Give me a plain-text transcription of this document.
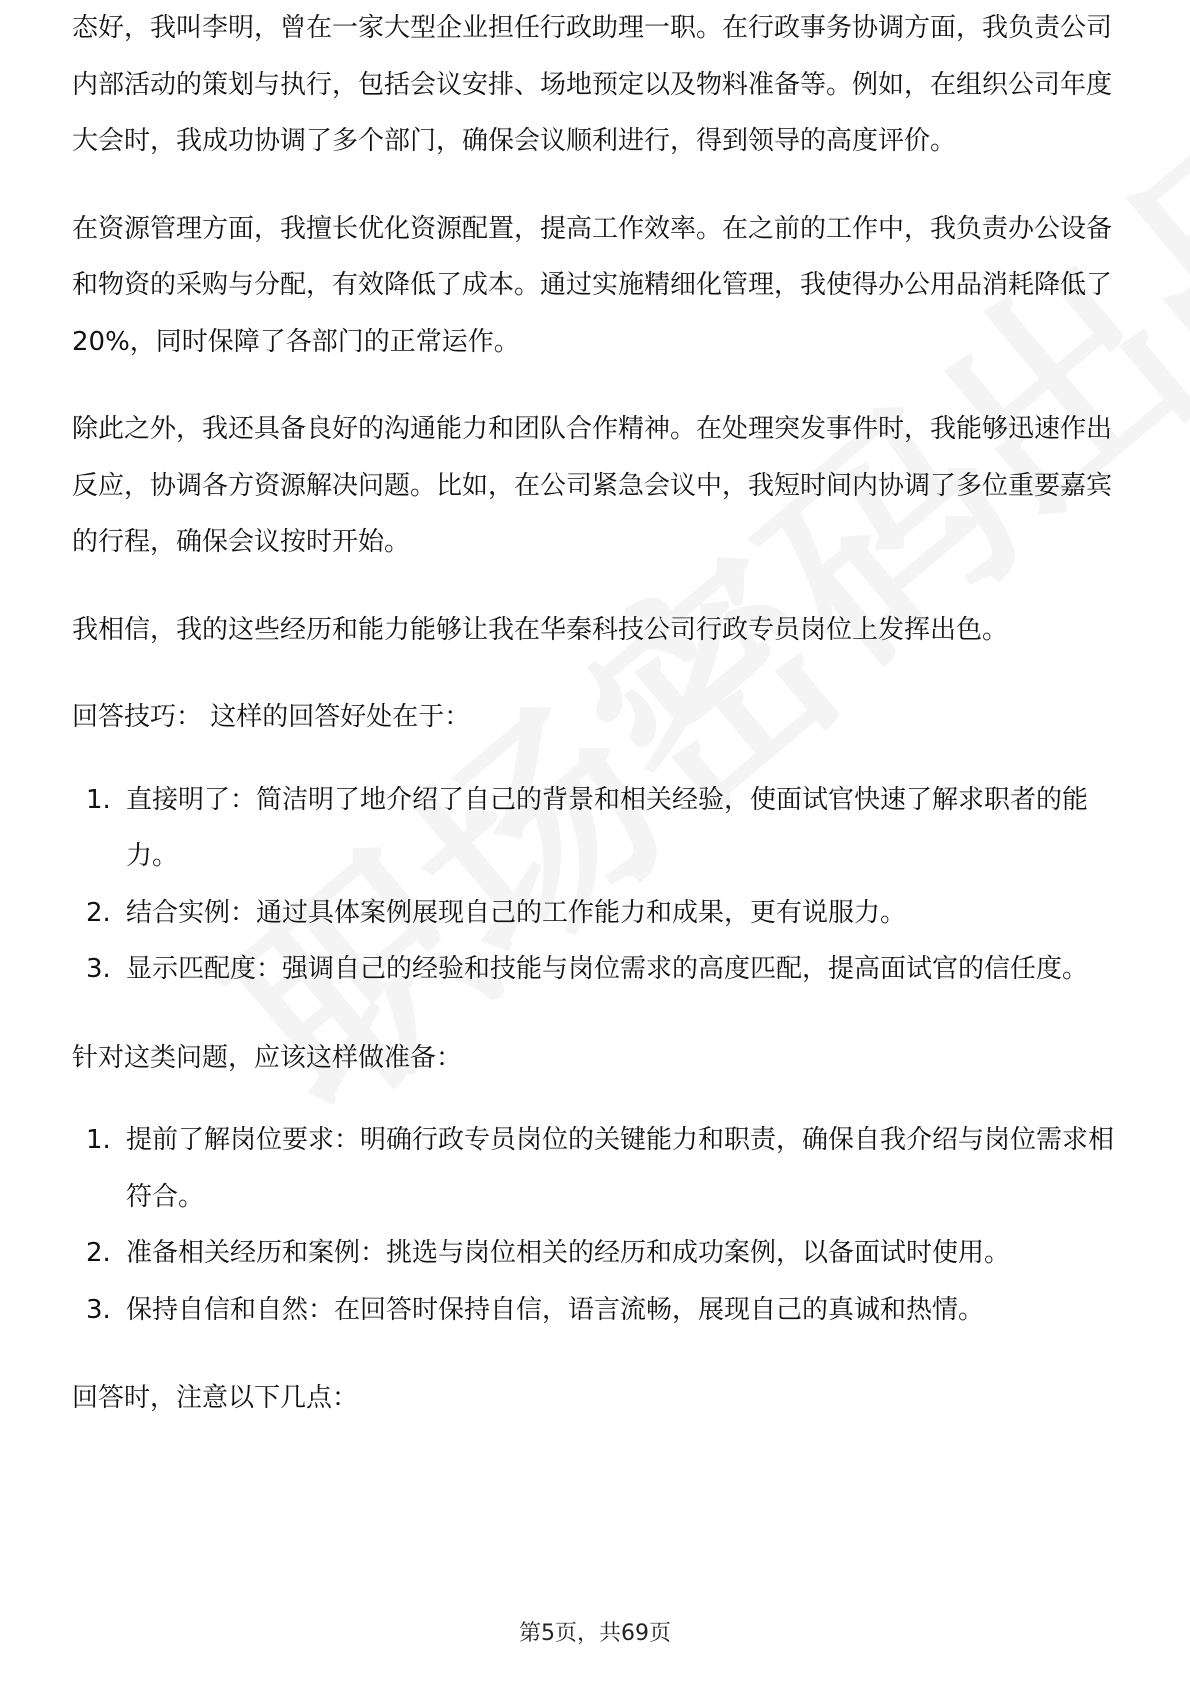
态好，我叫李明，曾在一家大型企业担任行政助理一职。在行政事务协调方面，我负责公司内部活动的策划与执行，包括会议安排、场地预定以及物料准备等。例如，在组织公司年度大会时，我成功协调了多个部门，确保会议顺利进行，得到领导的高度评价。

在资源管理方面，我擅长优化资源配置，提高工作效率。在之前的工作中，我负责办公设备和物资的采购与分配，有效降低了成本。通过实施精细化管理，我使得办公用品消耗降低了20%，同时保障了各部门的正常运作。

除此之外，我还具备良好的沟通能力和团队合作精神。在处理突发事件时，我能够迅速作出反应，协调各方资源解决问题。比如，在公司紧急会议中，我短时间内协调了多位重要嘉宾的行程，确保会议按时开始。

我相信，我的这些经历和能力能够让我在华秦科技公司行政专员岗位上发挥出色。

回答技巧： 这样的回答好处在于：

1. 直接明了：简洁明了地介绍了自己的背景和相关经验，使面试官快速了解求职者的能力。
2. 结合实例：通过具体案例展现自己的工作能力和成果，更有说服力。
3. 显示匹配度：强调自己的经验和技能与岗位需求的高度匹配，提高面试官的信任度。

针对这类问题，应该这样做准备：

1. 提前了解岗位要求：明确行政专员岗位的关键能力和职责，确保自我介绍与岗位需求相符合。
2. 准备相关经历和案例：挑选与岗位相关的经历和成功案例，以备面试时使用。
3. 保持自信和自然：在回答时保持自信，语言流畅，展现自己的真诚和热情。

回答时，注意以下几点：

第5页，共69页
